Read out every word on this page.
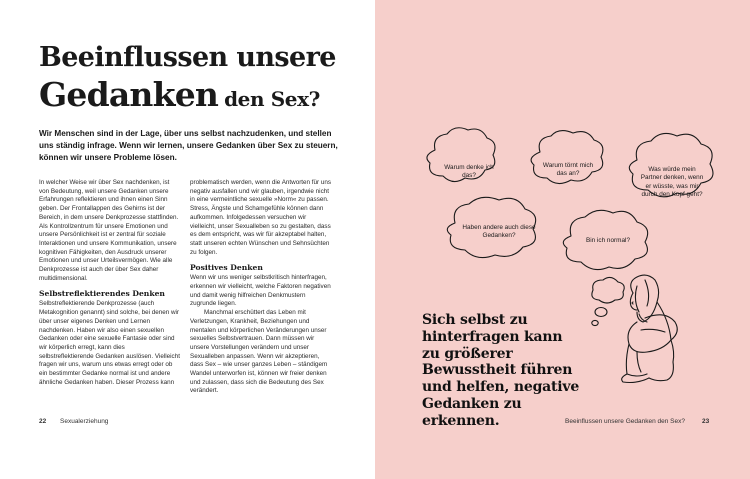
Beeinflussen unsere
Gedanken den Sex?

Wir Menschen sind in der Lage, über uns selbst nachzudenken, und stellen uns ständig infrage. Wenn wir lernen, unsere Gedanken über Sex zu steuern, können wir unsere Probleme lösen.

In welcher Weise wir über Sex nachdenken, ist von Bedeutung, weil unsere Gedanken unsere Erfahrungen reflektieren und ihnen einen Sinn geben. Der Frontallappen des Gehirns ist der Bereich, in dem unsere Denkprozesse stattfinden. Als Kontrollzentrum für unsere Emotionen und unsere Persönlichkeit ist er zentral für soziale Interaktionen und unsere Kommunikation, unsere kognitiven Fähigkeiten, den Ausdruck unserer Emotionen und unser Urteilsvermögen. Wie alle Denkprozesse ist auch der über Sex daher multidimensional.

Selbstreflektierendes Denken

Selbstreflektierende Denkprozesse (auch Metakognition genannt) sind solche, bei denen wir über unser eigenes Denken und Lernen nachdenken. Haben wir also einen sexuellen Gedanken oder eine sexuelle Fantasie oder sind wir körperlich erregt, kann dies selbstreflektierende Gedanken auslösen. Vielleicht fragen wir uns, warum uns etwas erregt oder ob ein bestimmter Gedanke normal ist und andere ähnliche Gedanken haben. Dieser Prozess kann

problematisch werden, wenn die Antworten für uns negativ ausfallen und wir glauben, irgendwie nicht in eine vermeintliche sexuelle »Norm« zu passen. Stress, Ängste und Schamgefühle können dann aufkommen. Infolgedessen versuchen wir vielleicht, unser Sexualleben so zu gestalten, dass es dem entspricht, was wir für akzeptabel halten, statt unseren echten Wünschen und Sehnsüchten zu folgen.

Positives Denken

Wenn wir uns weniger selbstkritisch hinterfragen, erkennen wir vielleicht, welche Faktoren negativen und damit wenig hilfreichen Denkmustern zugrunde liegen.

Manchmal erschüttert das Leben mit Verletzungen, Krankheit, Beziehungen und mentalen und körperlichen Veränderungen unser sexuelles Selbstvertrauen. Dann müssen wir unsere Vorstellungen verändern und unser Sexualleben anpassen. Wenn wir akzeptieren, dass Sex – wie unser ganzes Leben – ständigem Wandel unterworfen ist, können wir freier denken und zulassen, dass sich die Bedeutung des Sex verändert.

22 Sexualerziehung
Warum denke ich das?
Warum törnt mich das an?
Was würde mein Partner denken, wenn er wüsste, was mir durch den Kopf geht?
Haben andere auch diese Gedanken?
Bin ich normal?

Sich selbst zu hinterfragen kann zu größerer Bewusstheit führen und helfen, negative Gedanken zu erkennen.	Beeinflussen unsere Gedanken den Sex?	23
